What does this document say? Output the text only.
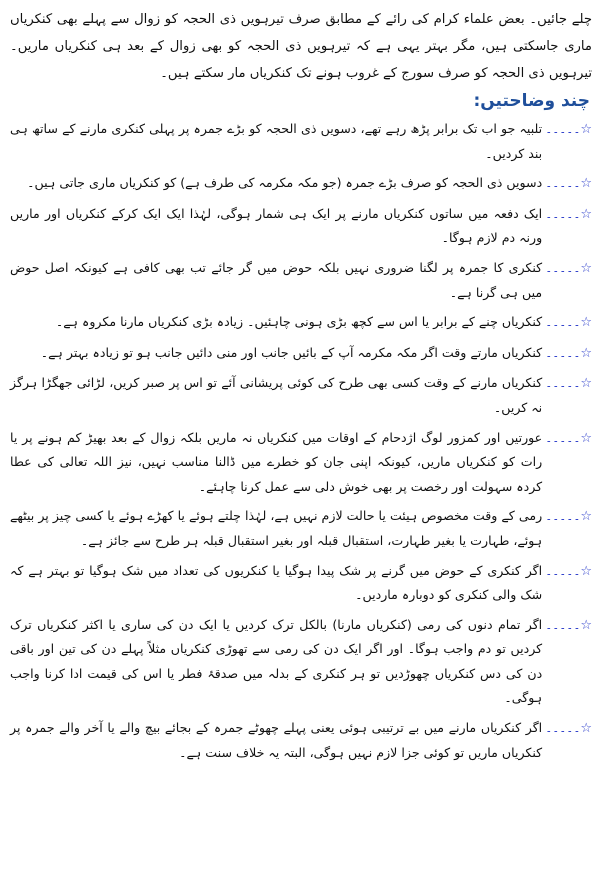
چلے جائیں۔ بعض علماء کرام کی رائے کے مطابق صرف تیرہویں ذی الحجہ کو زوال سے پہلے بھی کنکریاں ماری جاسکتی ہیں، مگر بہتر یہی ہے کہ تیرہویں ذی الحجہ کو بھی زوال کے بعد ہی کنکریاں ماریں۔ تیرہویں ذی الحجہ کو صرف سورج کے غروب ہونے تک کنکریاں مار سکتے ہیں۔

چند وضاحتیں:
☆۔۔۔۔۔
تلبیہ جو اب تک برابر پڑھ رہے تھے، دسویں ذی الحجہ کو بڑے جمرہ پر پہلی کنکری مارنے کے ساتھ ہی بند کردیں۔
☆۔۔۔۔۔
دسویں ذی الحجہ کو صرف بڑے جمرہ (جو مکہ مکرمہ کی طرف ہے) کو کنکریاں ماری جاتی ہیں۔
☆۔۔۔۔۔
ایک دفعہ میں ساتوں کنکریاں مارنے پر ایک ہی شمار ہوگی، لہٰذا ایک ایک کرکے کنکریاں اور ماریں ورنہ دم لازم ہوگا۔
☆۔۔۔۔۔
کنکری کا جمرہ پر لگنا ضروری نہیں بلکہ حوض میں گر جائے تب بھی کافی ہے کیونکہ اصل حوض میں ہی گرنا ہے۔
☆۔۔۔۔۔
کنکریاں چنے کے برابر یا اس سے کچھ بڑی ہونی چاہئیں۔ زیادہ بڑی کنکریاں مارنا مکروہ ہے۔
☆۔۔۔۔۔
کنکریاں مارتے وقت اگر مکہ مکرمہ آپ کے بائیں جانب اور منی دائیں جانب ہو تو زیادہ بہتر ہے۔
☆۔۔۔۔۔
کنکریاں مارنے کے وقت کسی بھی طرح کی کوئی پریشانی آئے تو اس پر صبر کریں، لڑائی جھگڑا ہرگز نہ کریں۔
☆۔۔۔۔۔
عورتیں اور کمزور لوگ اژدحام کے اوقات میں کنکریاں نہ ماریں بلکہ زوال کے بعد بھیڑ کم ہونے پر یا رات کو کنکریاں ماریں، کیونکہ اپنی جان کو خطرے میں ڈالنا مناسب نہیں، نیز اللہ تعالی کی عطا کردہ سہولت اور رخصت پر بھی خوش دلی سے عمل کرنا چاہئے۔
☆۔۔۔۔۔
رمی کے وقت مخصوص ہیئت یا حالت لازم نہیں ہے، لہٰذا چلتے ہوئے یا کھڑے ہوئے یا کسی چیز پر بیٹھے ہوئے، طہارت یا بغیر طہارت، استقبال قبلہ اور بغیر استقبال قبلہ ہر طرح سے جائز ہے۔
☆۔۔۔۔۔
اگر کنکری کے حوض میں گرنے پر شک پیدا ہوگیا یا کنکریوں کی تعداد میں شک ہوگیا تو بہتر ہے کہ شک والی کنکری کو دوبارہ ماردیں۔
☆۔۔۔۔۔
اگر تمام دنوں کی رمی (کنکریاں مارنا) بالکل ترک کردیں یا ایک دن کی ساری یا اکثر کنکریاں ترک کردیں تو دم واجب ہوگا۔ اور اگر ایک دن کی رمی سے تھوڑی کنکریاں مثلاً پہلے دن کی تین اور باقی دن کی دس کنکریاں چھوڑدیں تو ہر کنکری کے بدلہ میں صدقۂ فطر یا اس کی قیمت ادا کرنا واجب ہوگی۔
☆۔۔۔۔۔
اگر کنکریاں مارنے میں بے ترتیبی ہوئی یعنی پہلے چھوٹے جمرہ کے بجائے بیچ والے یا آخر والے جمرہ پر کنکریاں ماریں تو کوئی جزا لازم نہیں ہوگی، البتہ یہ خلاف سنت ہے۔
